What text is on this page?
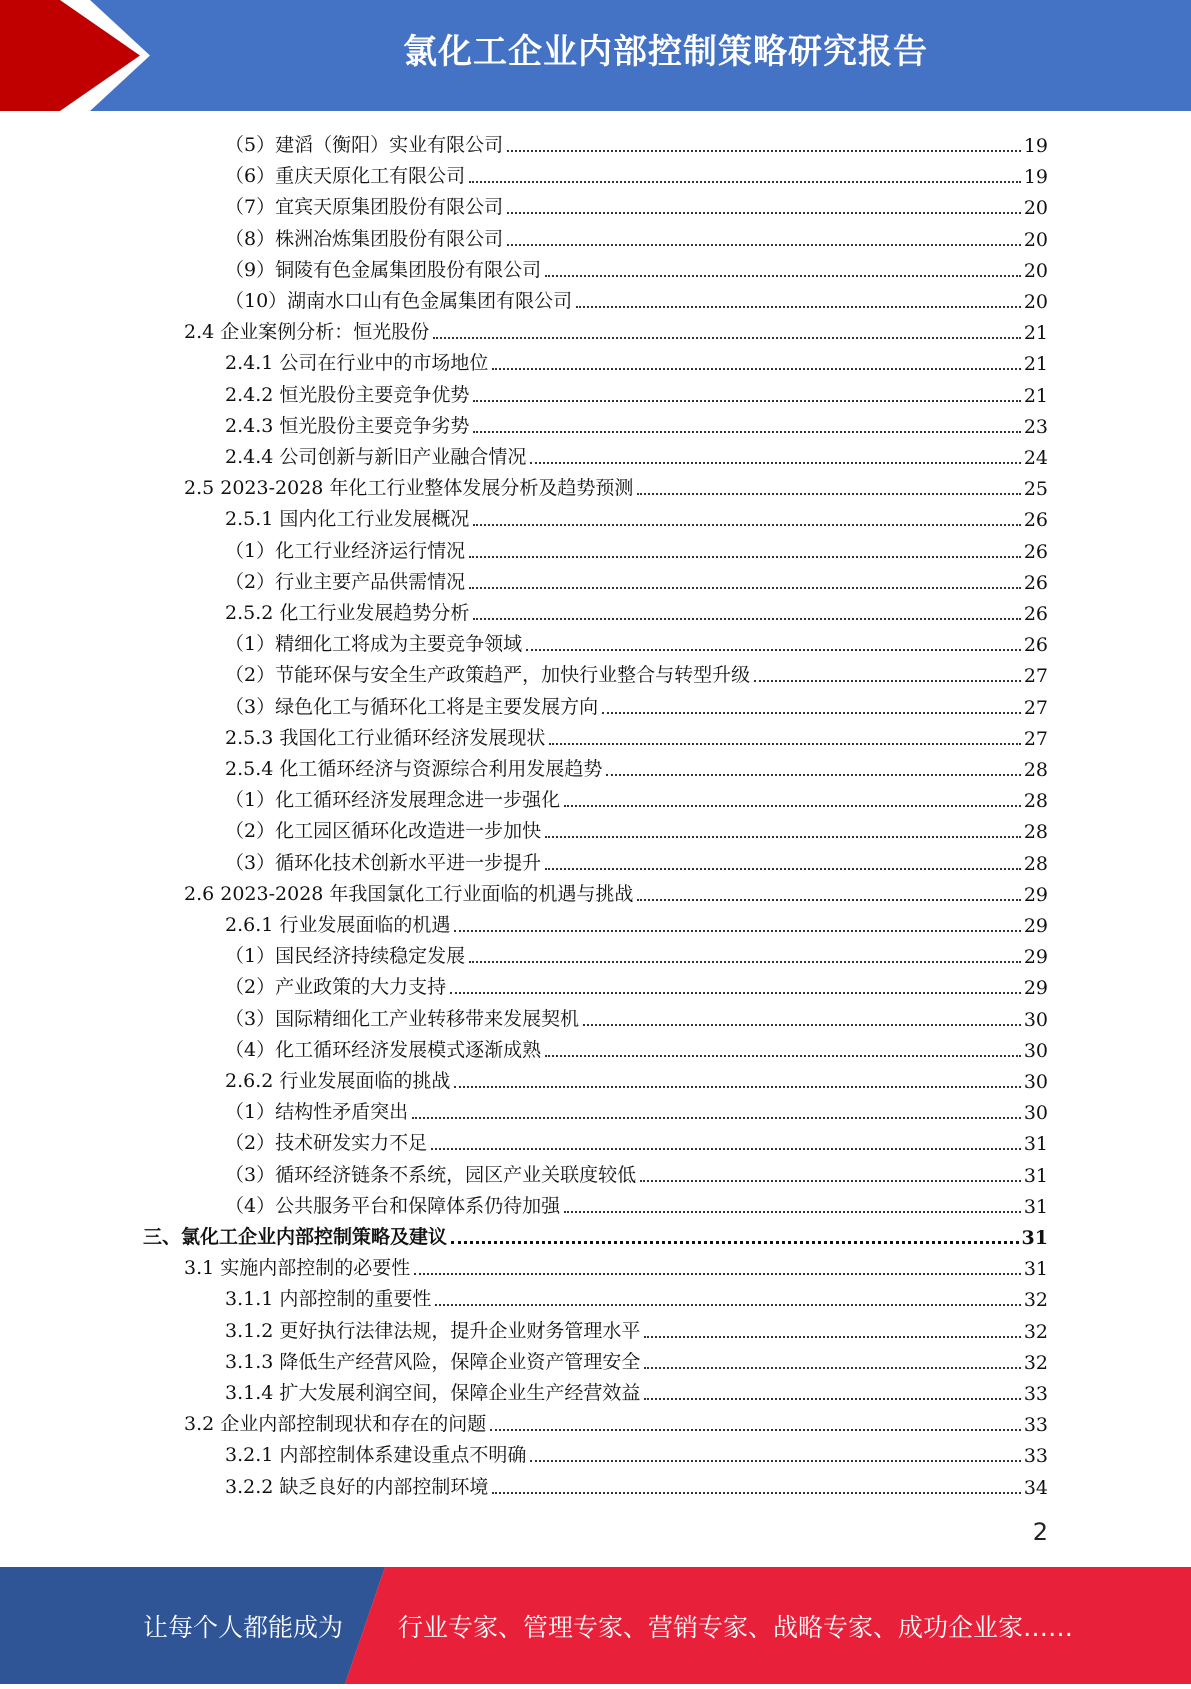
氯化工企业内部控制策略研究报告
（5）建滔（衡阳）实业有限公司	19
（6）重庆天原化工有限公司	19
（7）宜宾天原集团股份有限公司	20
（8）株洲冶炼集团股份有限公司	20
（9）铜陵有色金属集团股份有限公司	20
（10）湖南水口山有色金属集团有限公司	20
2.4 企业案例分析：恒光股份	21
2.4.1 公司在行业中的市场地位	21
2.4.2 恒光股份主要竞争优势	21
2.4.3 恒光股份主要竞争劣势	23
2.4.4 公司创新与新旧产业融合情况	24
2.5 2023-2028 年化工行业整体发展分析及趋势预测	25
2.5.1 国内化工行业发展概况	26
（1）化工行业经济运行情况	26
（2）行业主要产品供需情况	26
2.5.2 化工行业发展趋势分析	26
（1）精细化工将成为主要竞争领域	26
（2）节能环保与安全生产政策趋严，加快行业整合与转型升级	27
（3）绿色化工与循环化工将是主要发展方向	27
2.5.3 我国化工行业循环经济发展现状	27
2.5.4 化工循环经济与资源综合利用发展趋势	28
（1）化工循环经济发展理念进一步强化	28
（2）化工园区循环化改造进一步加快	28
（3）循环化技术创新水平进一步提升	28
2.6 2023-2028 年我国氯化工行业面临的机遇与挑战	29
2.6.1 行业发展面临的机遇	29
（1）国民经济持续稳定发展	29
（2）产业政策的大力支持	29
（3）国际精细化工产业转移带来发展契机	30
（4）化工循环经济发展模式逐渐成熟	30
2.6.2 行业发展面临的挑战	30
（1）结构性矛盾突出	30
（2）技术研发实力不足	31
（3）循环经济链条不系统，园区产业关联度较低	31
（4）公共服务平台和保障体系仍待加强	31
三、氯化工企业内部控制策略及建议	31
3.1 实施内部控制的必要性	31
3.1.1 内部控制的重要性	32
3.1.2 更好执行法律法规，提升企业财务管理水平	32
3.1.3 降低生产经营风险，保障企业资产管理安全	32
3.1.4 扩大发展利润空间，保障企业生产经营效益	33
3.2 企业内部控制现状和存在的问题	33
3.2.1 内部控制体系建设重点不明确	33
3.2.2 缺乏良好的内部控制环境	34
2
让每个人都能成为 行业专家、管理专家、营销专家、战略专家、成功企业家……
